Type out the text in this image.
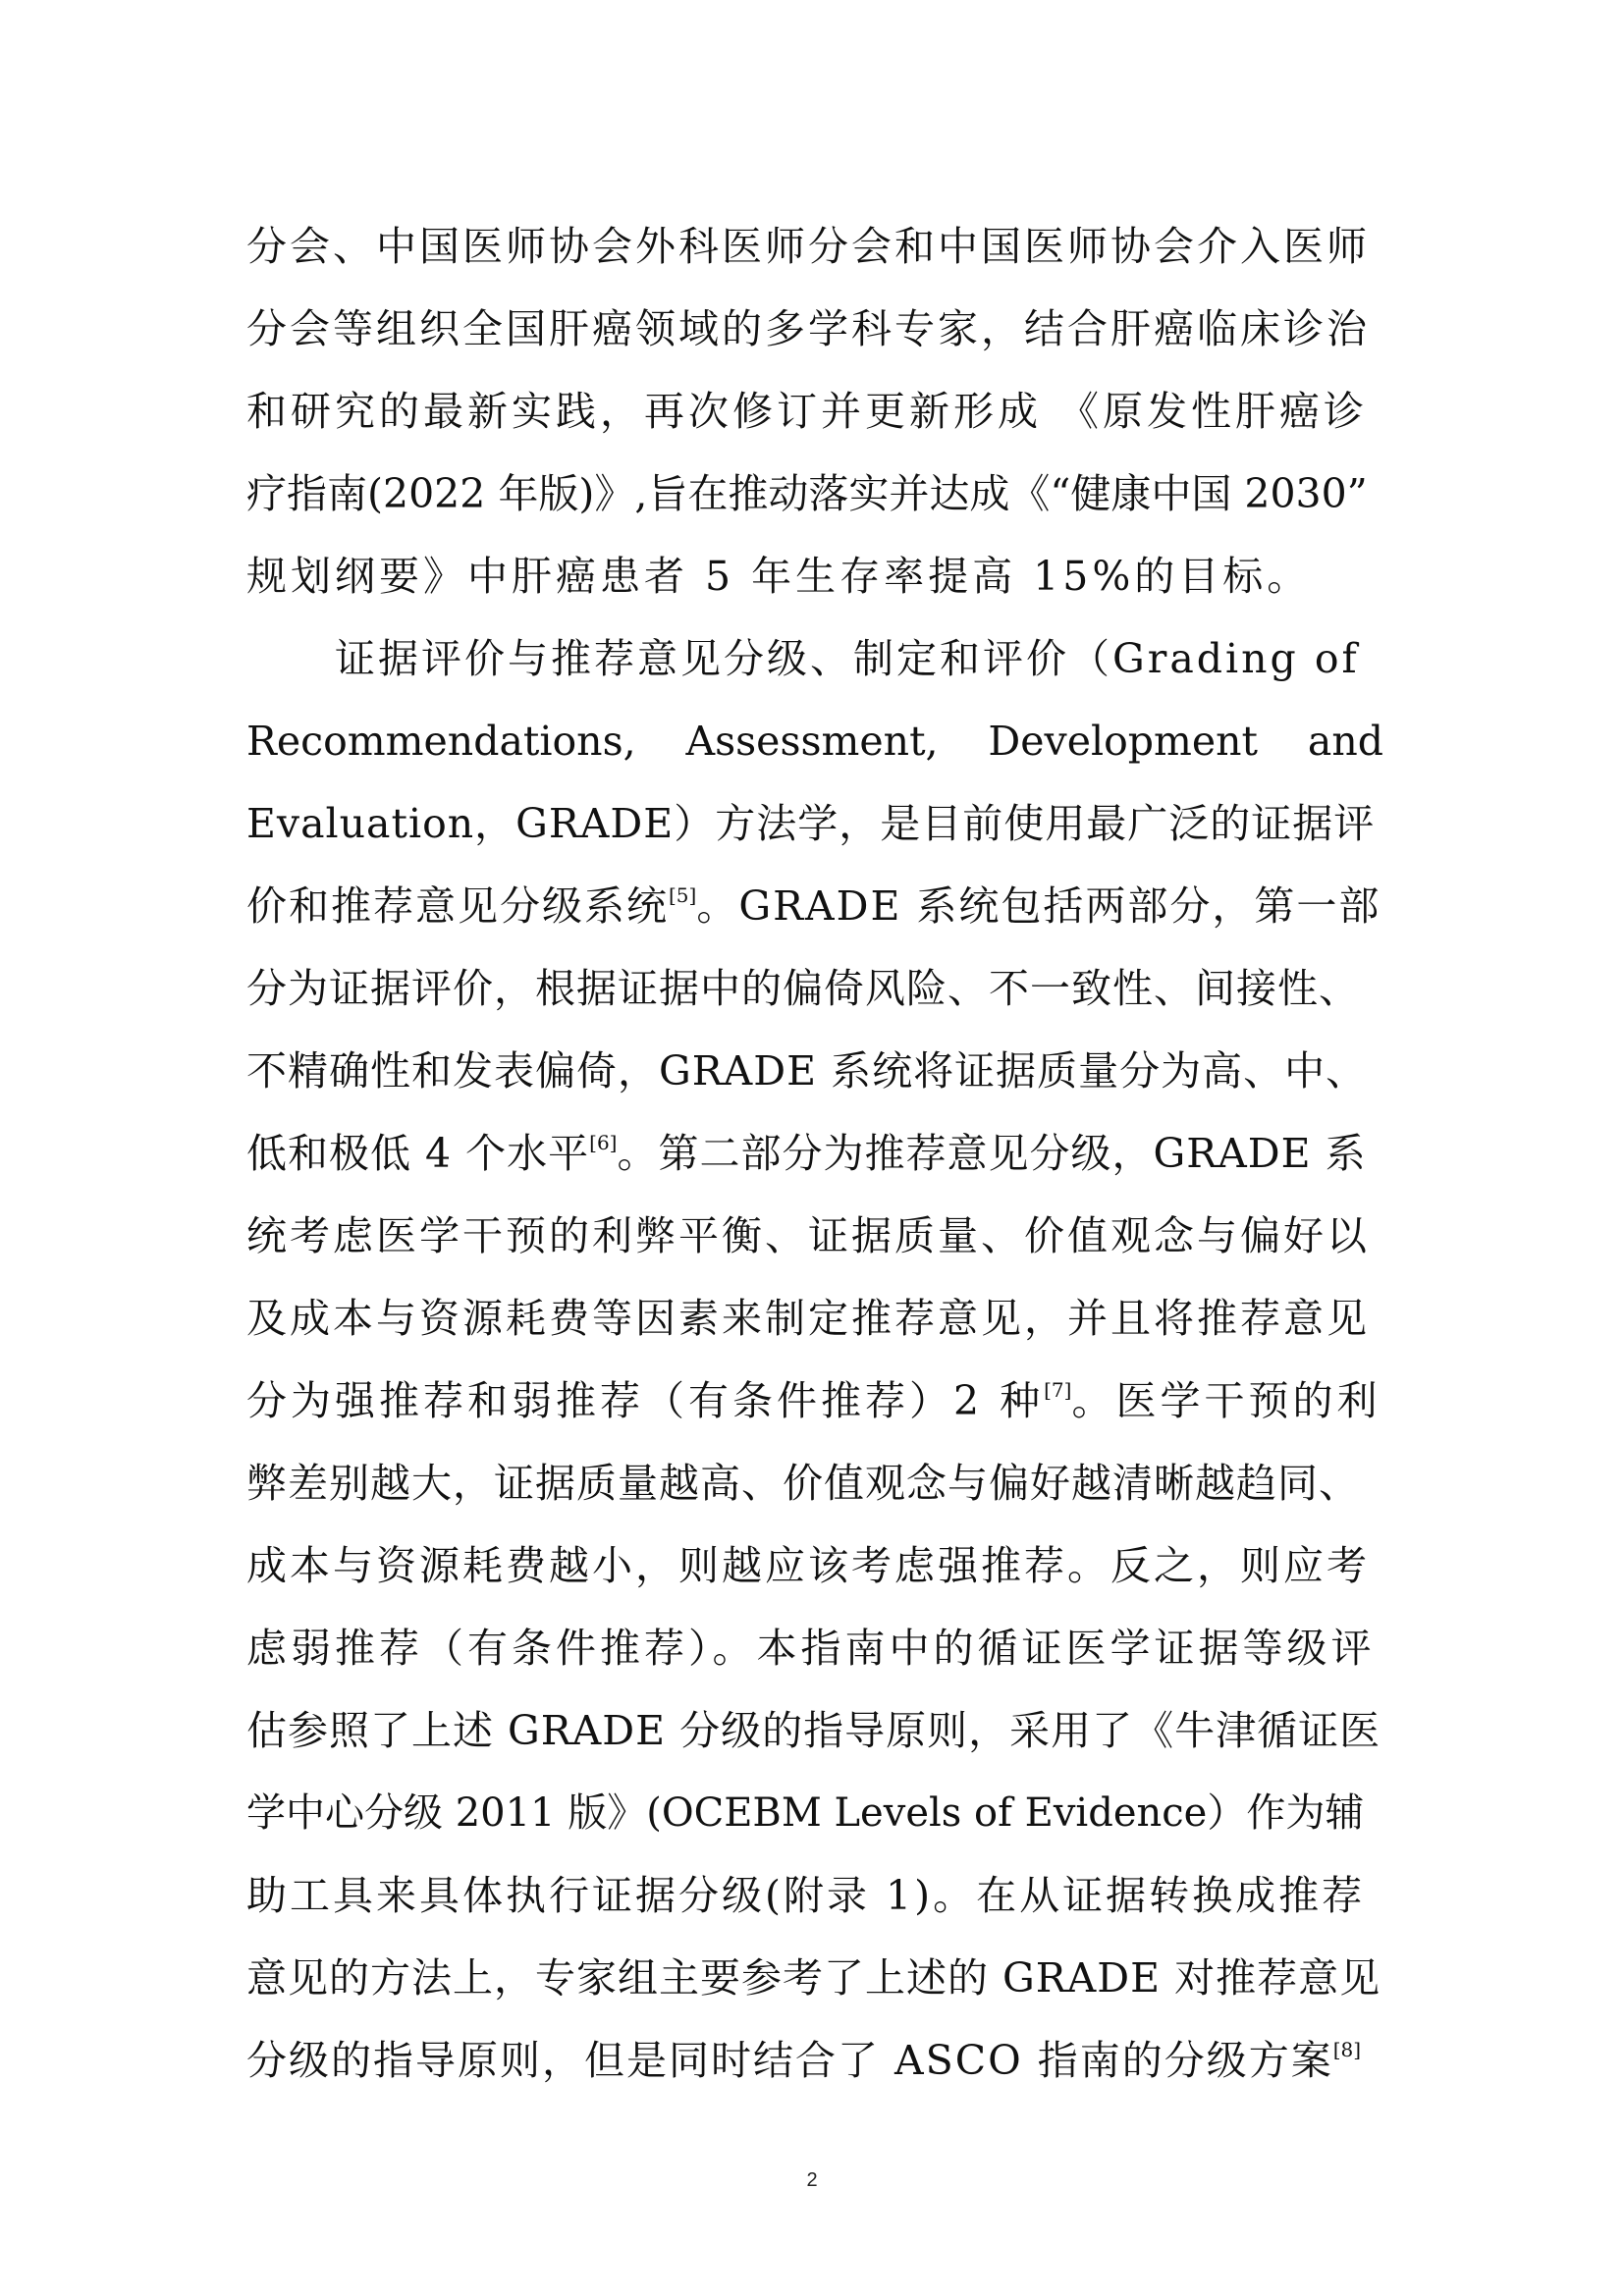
分会、中国医师协会外科医师分会和中国医师协会介入医师
分会等组织全国肝癌领域的多学科专家，结合肝癌临床诊治
和研究的最新实践，再次修订并更新形成 《原发性肝癌诊
疗指南(2022 年版)》,旨在推动落实并达成《“健康中国 2030”
规划纲要》中肝癌患者 5 年生存率提高 15%的目标。
证据评价与推荐意见分级、制定和评价（Grading of
Recommendations, Assessment, Development and
Evaluation，GRADE）方法学，是目前使用最广泛的证据评
价和推荐意见分级系统[5]。GRADE 系统包括两部分，第一部
分为证据评价，根据证据中的偏倚风险、不一致性、间接性、
不精确性和发表偏倚，GRADE 系统将证据质量分为高、中、
低和极低 4 个水平[6]。第二部分为推荐意见分级，GRADE 系
统考虑医学干预的利弊平衡、证据质量、价值观念与偏好以
及成本与资源耗费等因素来制定推荐意见，并且将推荐意见
分为强推荐和弱推荐（有条件推荐）2 种[7]。医学干预的利
弊差别越大，证据质量越高、价值观念与偏好越清晰越趋同、
成本与资源耗费越小，则越应该考虑强推荐。反之，则应考
虑弱推荐（有条件推荐）。本指南中的循证医学证据等级评
估参照了上述 GRADE 分级的指导原则，采用了《牛津循证医
学中心分级 2011 版》(OCEBM Levels of Evidence）作为辅
助工具来具体执行证据分级(附录 1)。在从证据转换成推荐
意见的方法上，专家组主要参考了上述的 GRADE 对推荐意见
分级的指导原则，但是同时结合了 ASCO 指南的分级方案[8]
2
